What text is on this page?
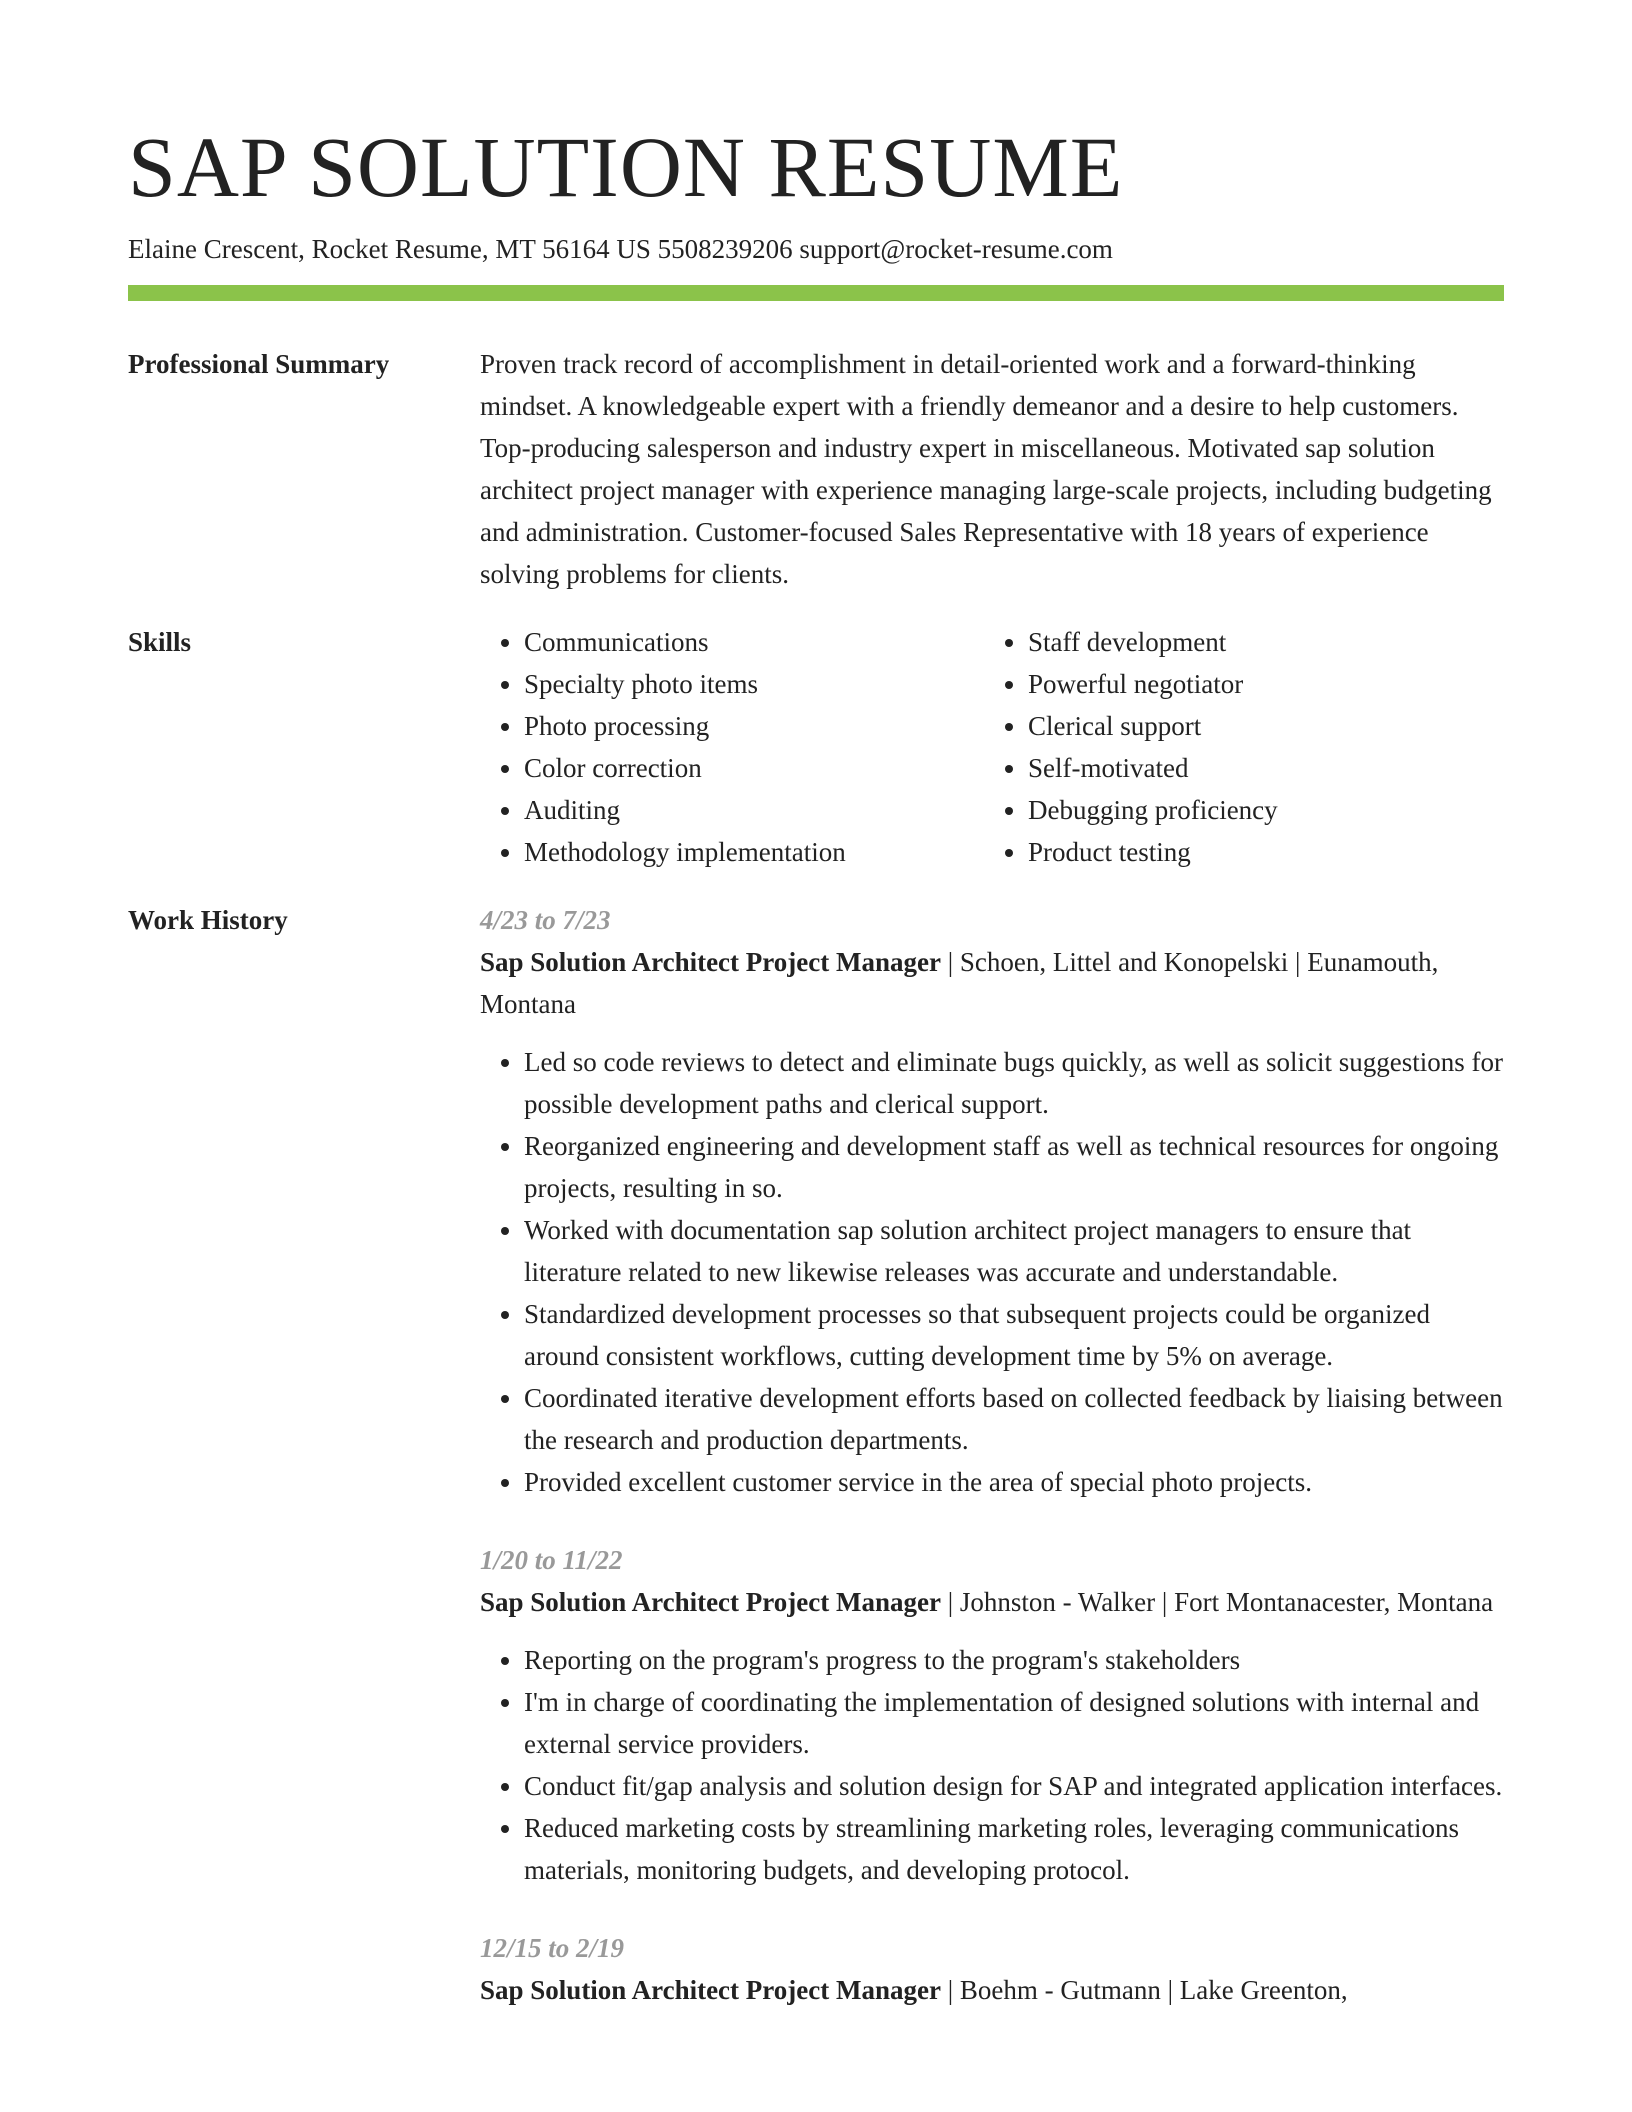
SAP SOLUTION RESUME
Elaine Crescent, Rocket Resume, MT 56164 US 5508239206 support@rocket-resume.com
Professional Summary	Proven track record of accomplishment in detail-oriented work and a forward-thinking mindset. A knowledgeable expert with a friendly demeanor and a desire to help customers. Top-producing salesperson and industry expert in miscellaneous. Motivated sap solution architect project manager with experience managing large-scale projects, including budgeting and administration. Customer-focused Sales Representative with 18 years of experience solving problems for clients.
Skills
•	Communications
• Specialty photo items
• Photo processing
• Color correction
• Auditing
• Methodology implementation
• Staff development
• Powerful negotiator
• Clerical support
• Self-motivated
• Debugging proficiency
• Product testing
Work History	4/23 to 7/23
Sap Solution Architect Project Manager | Schoen, Littel and Konopelski | Eunamouth, Montana
• Led so code reviews to detect and eliminate bugs quickly, as well as solicit suggestions for possible development paths and clerical support.
• Reorganized engineering and development staff as well as technical resources for ongoing projects, resulting in so.
• Worked with documentation sap solution architect project managers to ensure that literature related to new likewise releases was accurate and understandable.
• Standardized development processes so that subsequent projects could be organized around consistent workflows, cutting development time by 5% on average.
• Coordinated iterative development efforts based on collected feedback by liaising between the research and production departments.
• Provided excellent customer service in the area of special photo projects.
1/20 to 11/22
Sap Solution Architect Project Manager | Johnston - Walker | Fort Montanacester, Montana
• Reporting on the program's progress to the program's stakeholders
• I'm in charge of coordinating the implementation of designed solutions with internal and external service providers.
• Conduct fit/gap analysis and solution design for SAP and integrated application interfaces.
• Reduced marketing costs by streamlining marketing roles, leveraging communications materials, monitoring budgets, and developing protocol.
12/15 to 2/19
Sap Solution Architect Project Manager | Boehm - Gutmann | Lake Greenton,
